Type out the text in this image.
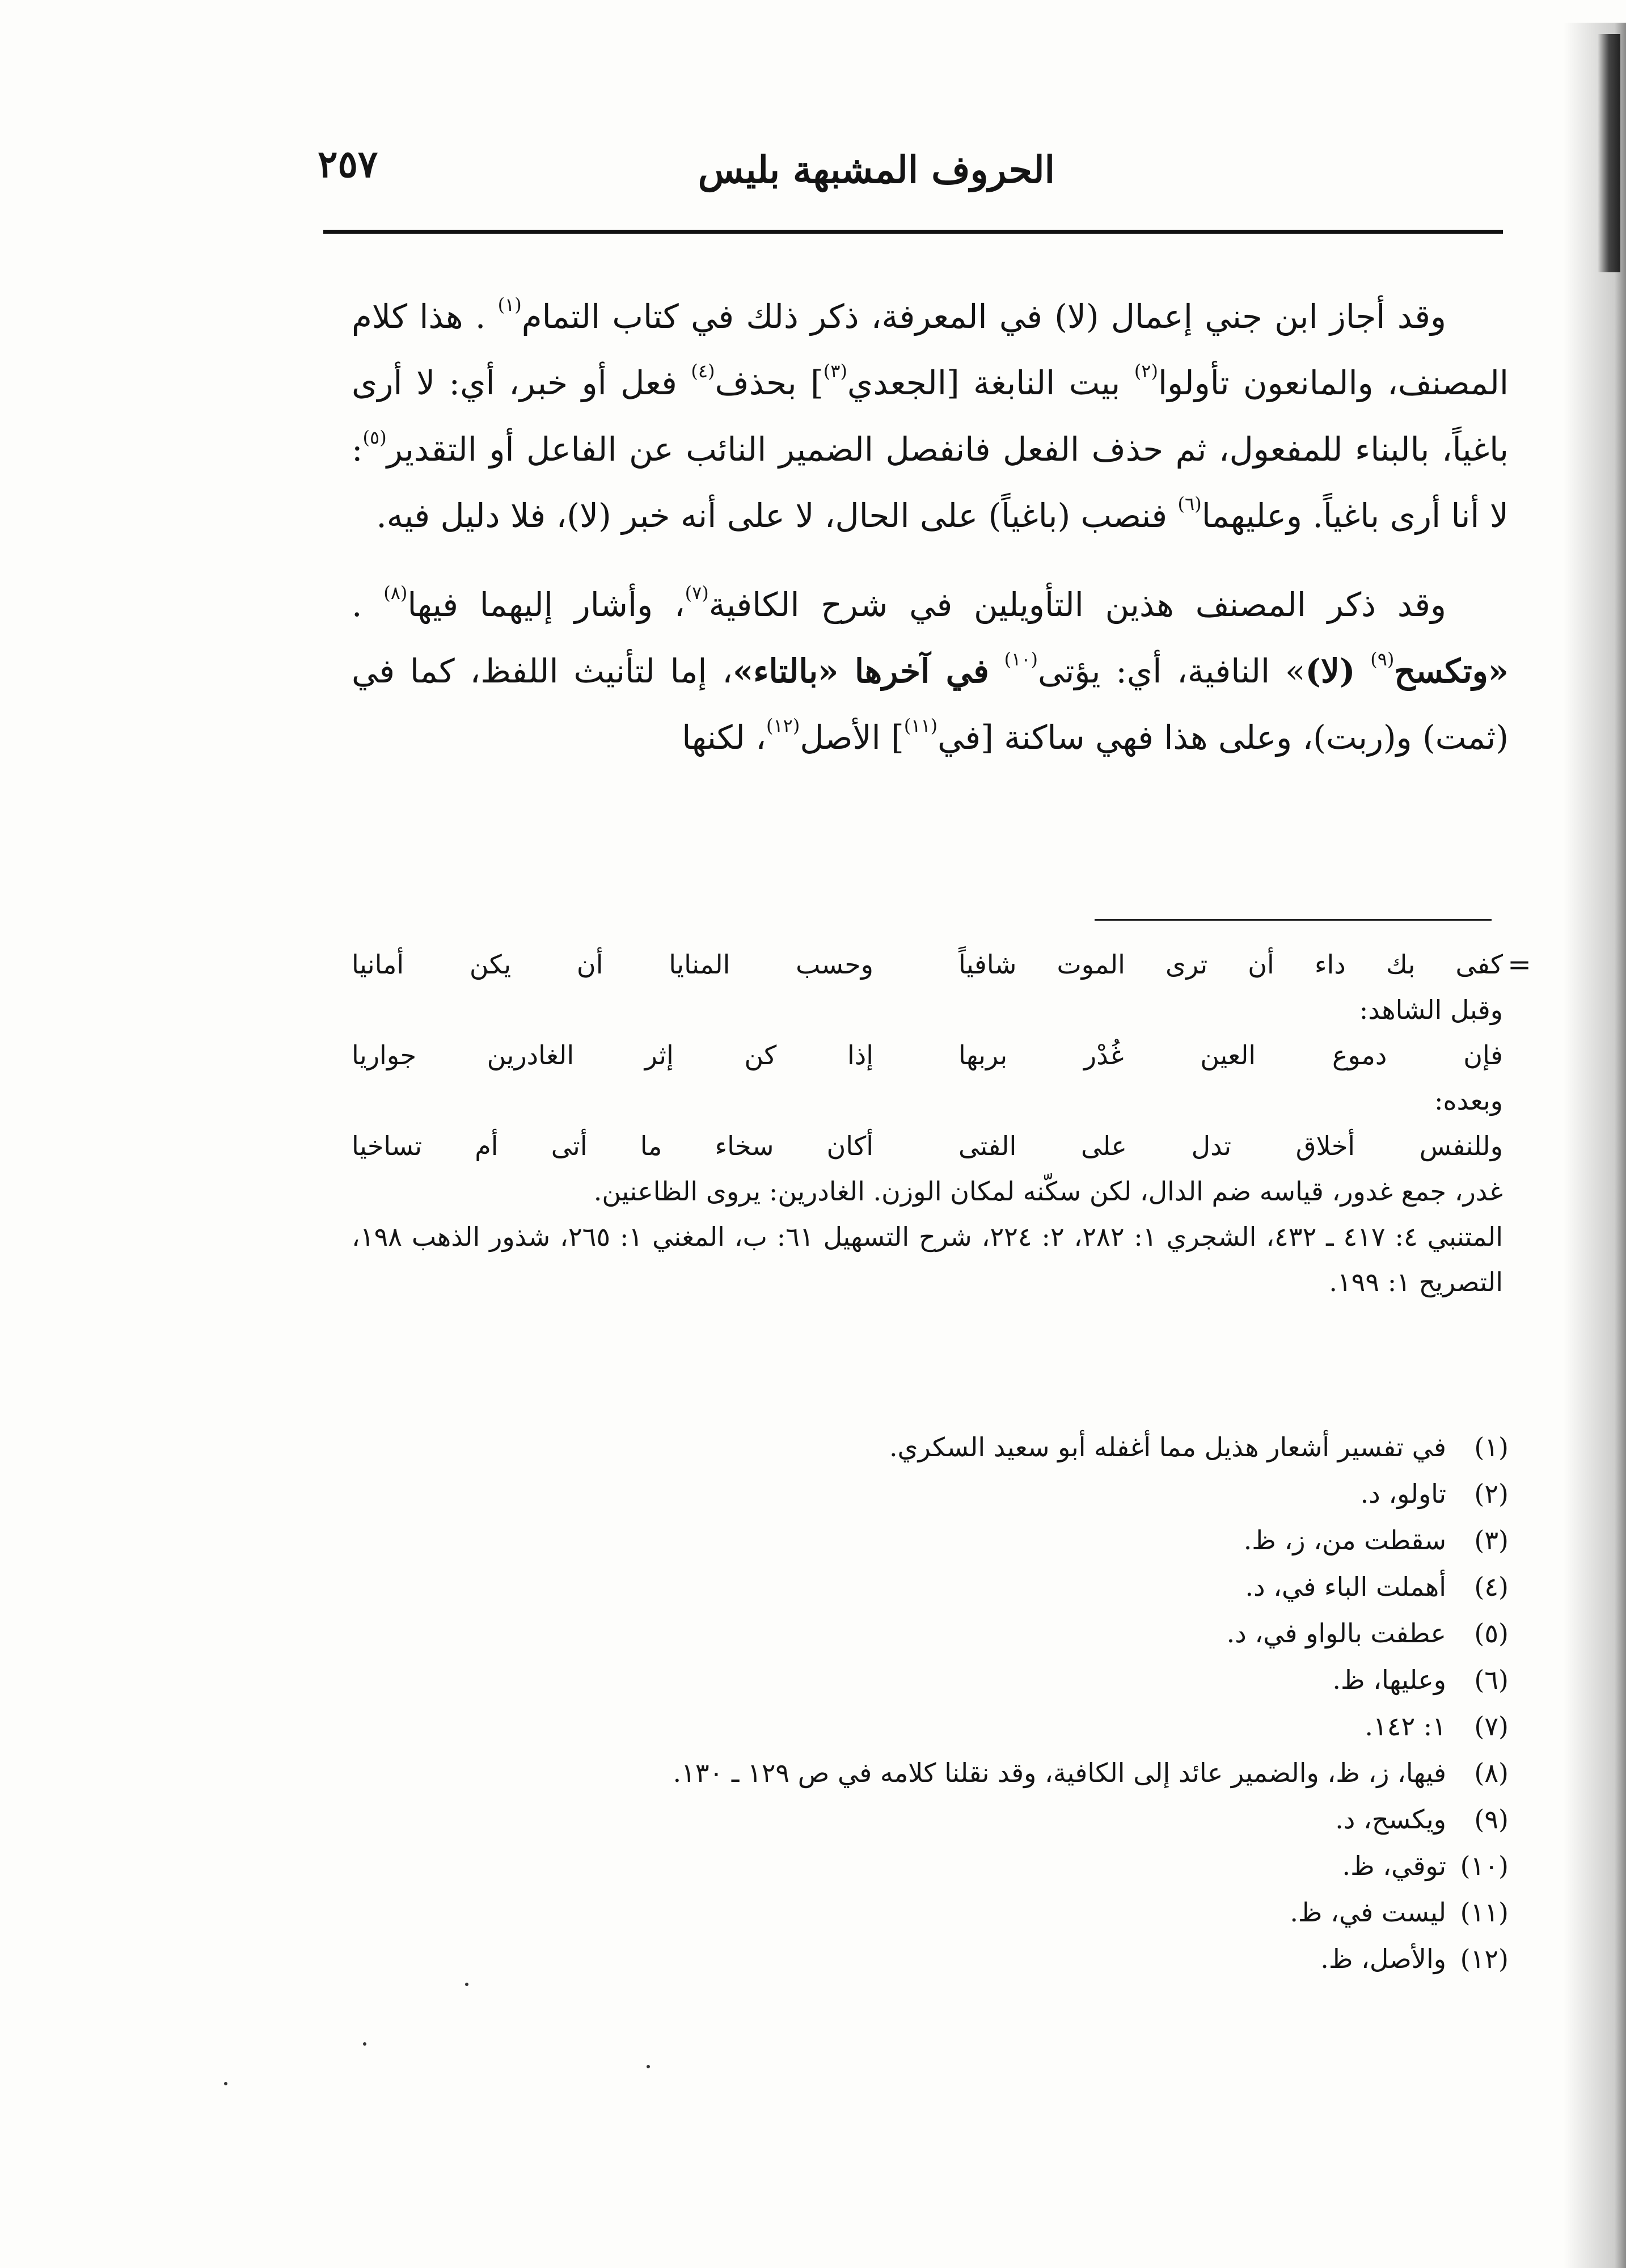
٢٥٧	الحروف المشبهة بليس

وقد أجاز ابن جني إعمال (لا) في المعرفة، ذكر ذلك في كتاب التمام$^{(١)}$ . هذا كلام المصنف، والمانعون تأولوا$^{(٢)}$ بيت النابغة [الجعدي$^{(٣)}$] بحذف$^{(٤)}$ فعل أو خبر، أي: لا أرى باغياً، بالبناء للمفعول، ثم حذف الفعل فانفصل الضمير النائب عن الفاعل أو التقدير$^{(٥)}$: لا أنا أرى باغياً. وعليهما$^{(٦)}$ فنصب (باغياً) على الحال، لا على أنه خبر (لا)، فلا دليل فيه.

وقد ذكر المصنف هذين التأويلين في شرح الكافية$^{(٧)}$، وأشار إليهما فيها$^{(٨)}$ . «وتكسح$^{(٩)}$ (لا)» النافية، أي: يؤتى$^{(١٠)}$ في آخرها «بالتاء»، إما لتأنيث اللفظ، كما في (ثمت) و(ربت)، وعلى هذا فهي ساكنة [في$^{(١١)}$] الأصل$^{(١٢)}$، لكنها

=
كفى بك داء أن ترى الموت شافياً
وحسب المنايا أن يكن أمانيا
وقبل الشاهد:
فإن دموع العين غُدْر بربها
إذا كن إثر الغادرين جواريا
وبعده:
وللنفس أخلاق تدل على الفتى
أكان سخاء ما أتى أم تساخيا
غدر، جمع غدور، قياسه ضم الدال، لكن سكّنه لمكان الوزن. الغادرين: يروى الظاعنين.
المتنبي ٤: ٤١٧ ـ ٤٣٢، الشجري ١: ٢٨٢، ٢: ٢٢٤، شرح التسهيل ٦١: ب، المغني ١: ٢٦٥، شذور الذهب ١٩٨، التصريح ١: ١٩٩.
(١)
في تفسير أشعار هذيل مما أغفله أبو سعيد السكري.
(٢)
تاولو، د.
(٣)
سقطت من، ز، ظ.
(٤)
أهملت الباء في، د.
(٥)
عطفت بالواو في، د.
(٦)
وعليها، ظ.
(٧)
١: ١٤٢.
(٨)
فيها، ز، ظ، والضمير عائد إلى الكافية، وقد نقلنا كلامه في ص ١٢٩ ـ ١٣٠.
(٩)
ويكسح، د.
(١٠)
توقي، ظ.
(١١)
ليست في، ظ.
(١٢)
والأصل، ظ.
